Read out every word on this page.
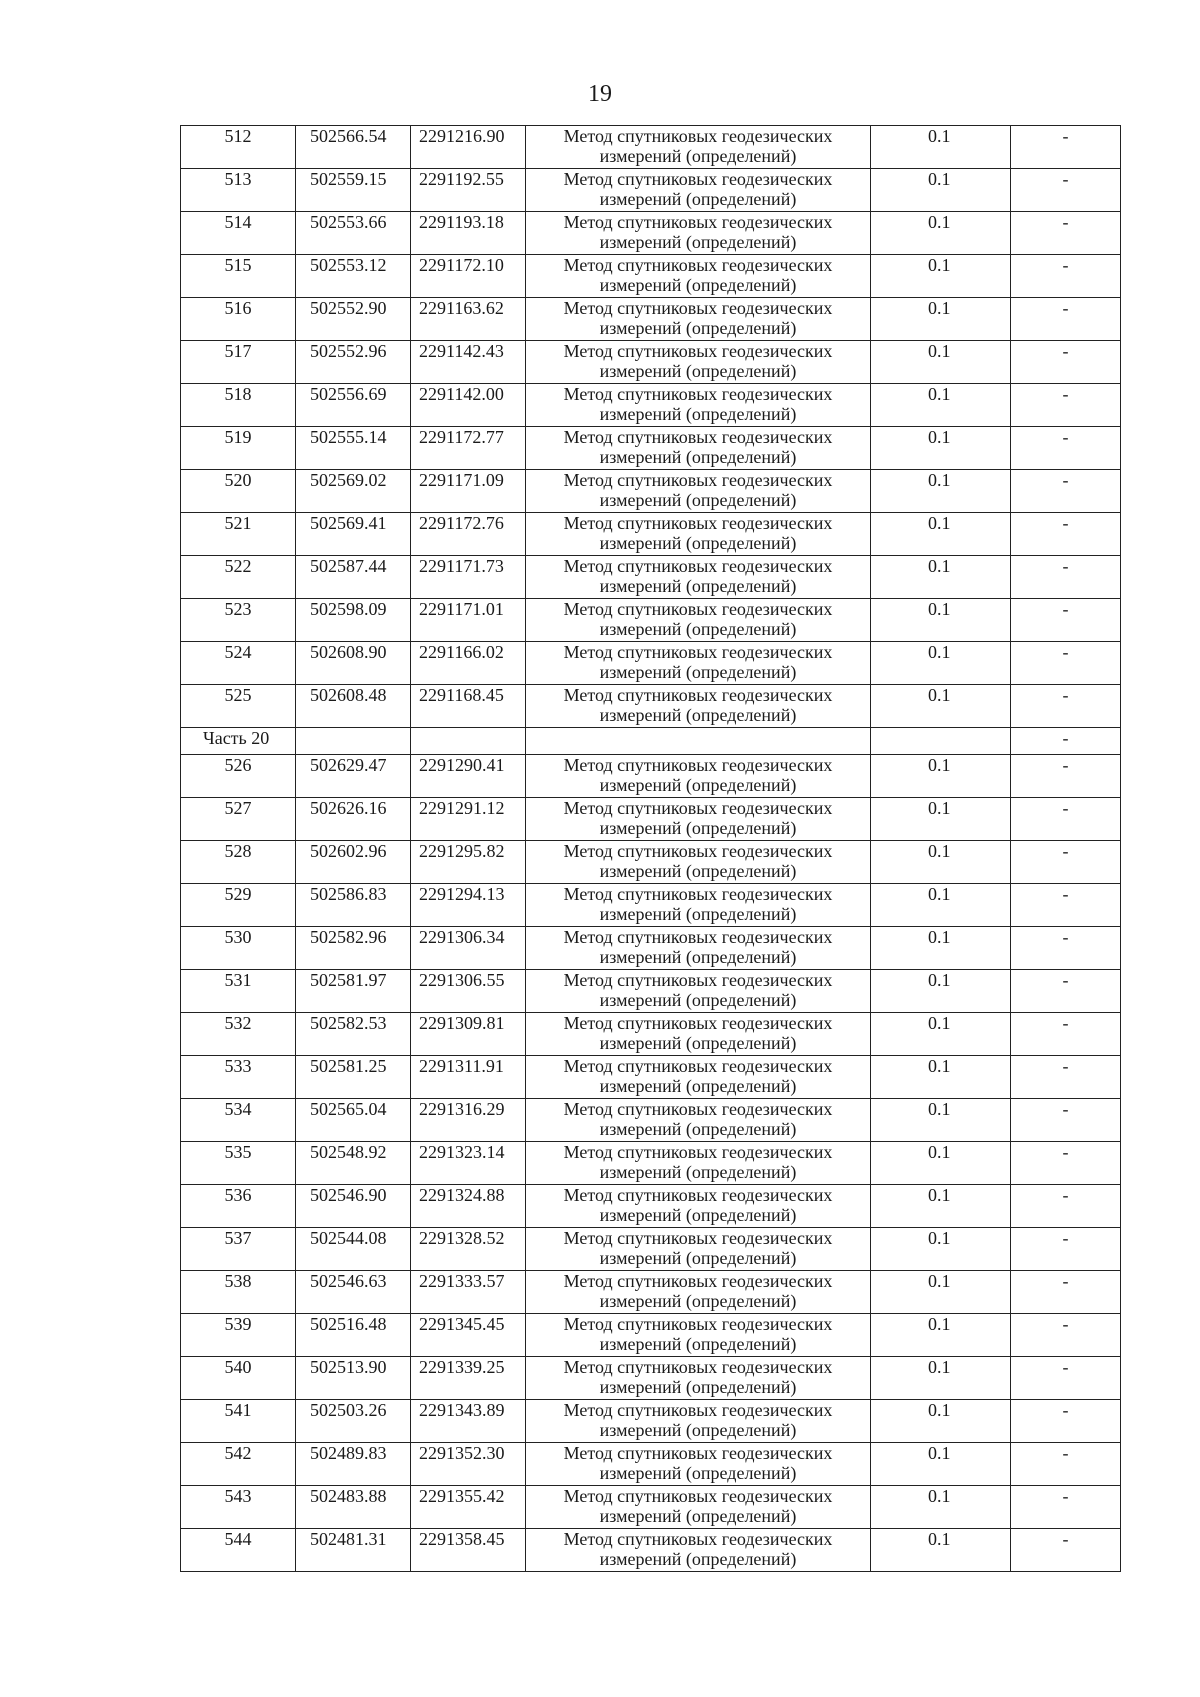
19
512	502566.54	2291216.90	Метод спутниковых геодезических
измерений (определений)	0.1	-
513	502559.15	2291192.55	Метод спутниковых геодезических
измерений (определений)	0.1	-
514	502553.66	2291193.18	Метод спутниковых геодезических
измерений (определений)	0.1	-
515	502553.12	2291172.10	Метод спутниковых геодезических
измерений (определений)	0.1	-
516	502552.90	2291163.62	Метод спутниковых геодезических
измерений (определений)	0.1	-
517	502552.96	2291142.43	Метод спутниковых геодезических
измерений (определений)	0.1	-
518	502556.69	2291142.00	Метод спутниковых геодезических
измерений (определений)	0.1	-
519	502555.14	2291172.77	Метод спутниковых геодезических
измерений (определений)	0.1	-
520	502569.02	2291171.09	Метод спутниковых геодезических
измерений (определений)	0.1	-
521	502569.41	2291172.76	Метод спутниковых геодезических
измерений (определений)	0.1	-
522	502587.44	2291171.73	Метод спутниковых геодезических
измерений (определений)	0.1	-
523	502598.09	2291171.01	Метод спутниковых геодезических
измерений (определений)	0.1	-
524	502608.90	2291166.02	Метод спутниковых геодезических
измерений (определений)	0.1	-
525	502608.48	2291168.45	Метод спутниковых геодезических
измерений (определений)	0.1	-
Часть 20					-
526	502629.47	2291290.41	Метод спутниковых геодезических
измерений (определений)	0.1	-
527	502626.16	2291291.12	Метод спутниковых геодезических
измерений (определений)	0.1	-
528	502602.96	2291295.82	Метод спутниковых геодезических
измерений (определений)	0.1	-
529	502586.83	2291294.13	Метод спутниковых геодезических
измерений (определений)	0.1	-
530	502582.96	2291306.34	Метод спутниковых геодезических
измерений (определений)	0.1	-
531	502581.97	2291306.55	Метод спутниковых геодезических
измерений (определений)	0.1	-
532	502582.53	2291309.81	Метод спутниковых геодезических
измерений (определений)	0.1	-
533	502581.25	2291311.91	Метод спутниковых геодезических
измерений (определений)	0.1	-
534	502565.04	2291316.29	Метод спутниковых геодезических
измерений (определений)	0.1	-
535	502548.92	2291323.14	Метод спутниковых геодезических
измерений (определений)	0.1	-
536	502546.90	2291324.88	Метод спутниковых геодезических
измерений (определений)	0.1	-
537	502544.08	2291328.52	Метод спутниковых геодезических
измерений (определений)	0.1	-
538	502546.63	2291333.57	Метод спутниковых геодезических
измерений (определений)	0.1	-
539	502516.48	2291345.45	Метод спутниковых геодезических
измерений (определений)	0.1	-
540	502513.90	2291339.25	Метод спутниковых геодезических
измерений (определений)	0.1	-
541	502503.26	2291343.89	Метод спутниковых геодезических
измерений (определений)	0.1	-
542	502489.83	2291352.30	Метод спутниковых геодезических
измерений (определений)	0.1	-
543	502483.88	2291355.42	Метод спутниковых геодезических
измерений (определений)	0.1	-
544	502481.31	2291358.45	Метод спутниковых геодезических
измерений (определений)	0.1	-
